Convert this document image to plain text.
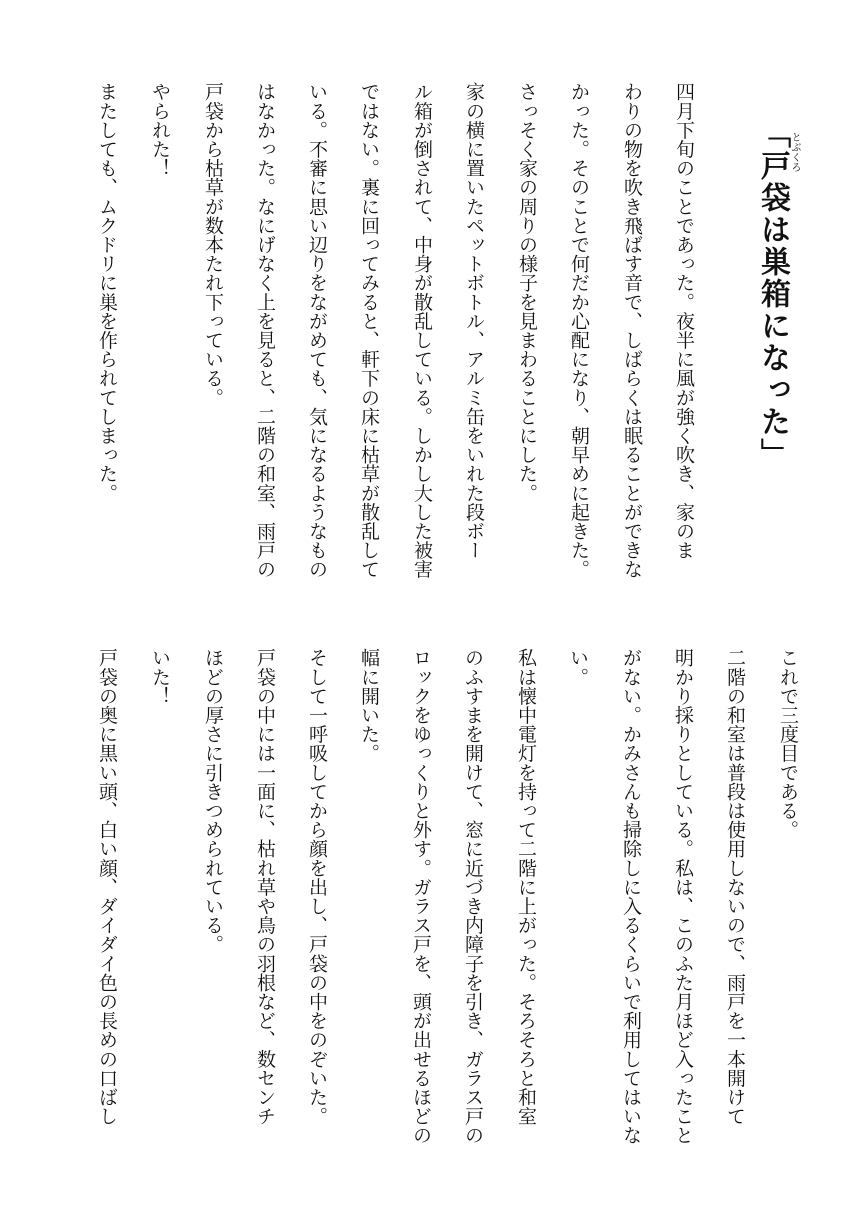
とぶくろ
「戸袋は巣箱になった」
四月下旬のことであった。夜半に風が強く吹き、家のま
わりの物を吹き飛ばす音で、しばらくは眠ることができな
かった。そのことで何だか心配になり、朝早めに起きた。
さっそく家の周りの様子を見まわることにした。
家の横に置いたペットボトル、アルミ缶をいれた段ボー
ル箱が倒されて、中身が散乱している。しかし大した被害
ではない。裏に回ってみると、軒下の床に枯草が散乱して
いる。不審に思い辺りをながめても、気になるようなもの
はなかった。なにげなく上を見ると、二階の和室、雨戸の
戸袋から枯草が数本たれ下っている。
やられた！
またしても、ムクドリに巣を作られてしまった。
これで三度目である。
二階の和室は普段は使用しないので、雨戸を一本開けて
明かり採りとしている。私は、このふた月ほど入ったこと
がない。かみさんも掃除しに入るくらいで利用してはいな
い。
私は懐中電灯を持って二階に上がった。そろそろと和室
のふすまを開けて、窓に近づき内障子を引き、ガラス戸の
ロックをゆっくりと外す。ガラス戸を、頭が出せるほどの
幅に開いた。
そして一呼吸してから顔を出し、戸袋の中をのぞいた。
戸袋の中には一面に、枯れ草や鳥の羽根など、数センチ
ほどの厚さに引きつめられている。
いた！
戸袋の奥に黒い頭、白い顔、ダイダイ色の長めの口ばし
